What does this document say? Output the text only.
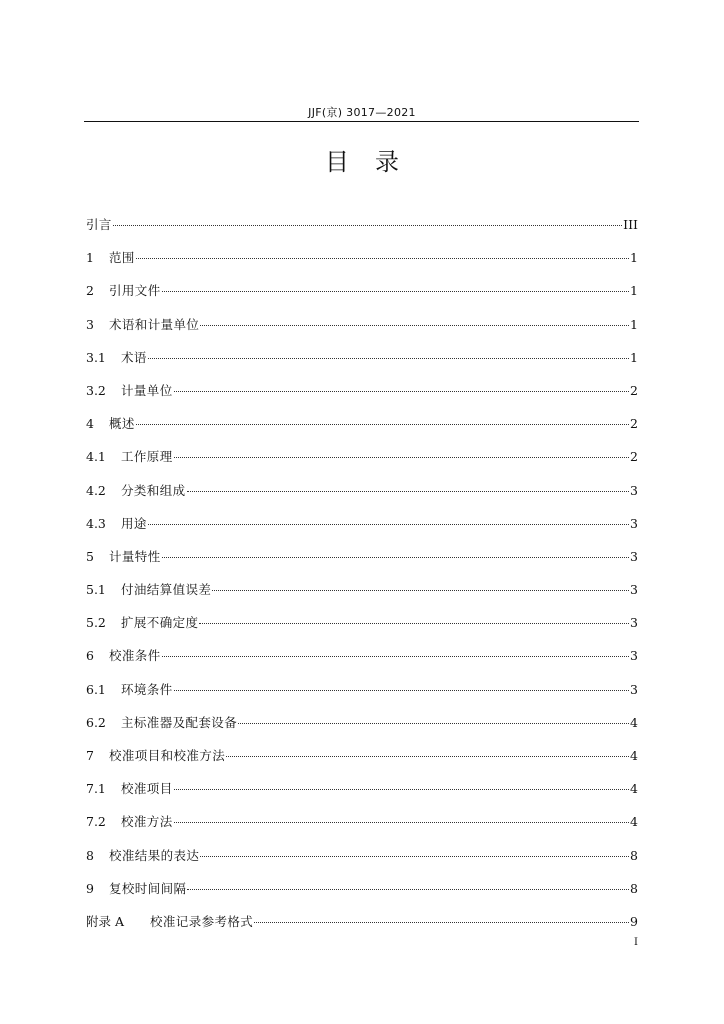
JJF(京) 3017—2021
目录
引言	III
1	范围	1
2	引用文件	1
3	术语和计量单位	1
3.1	术语	1
3.2	计量单位	2
4	概述	2
4.1	工作原理	2
4.2	分类和组成	3
4.3	用途	3
5	计量特性	3
5.1	付油结算值误差	3
5.2	扩展不确定度	3
6	校准条件	3
6.1	环境条件	3
6.2	主标准器及配套设备	4
7	校准项目和校准方法	4
7.1	校准项目	4
7.2	校准方法	4
8	校准结果的表达	8
9	复校时间间隔	8
附录 A	校准记录参考格式	9
I
